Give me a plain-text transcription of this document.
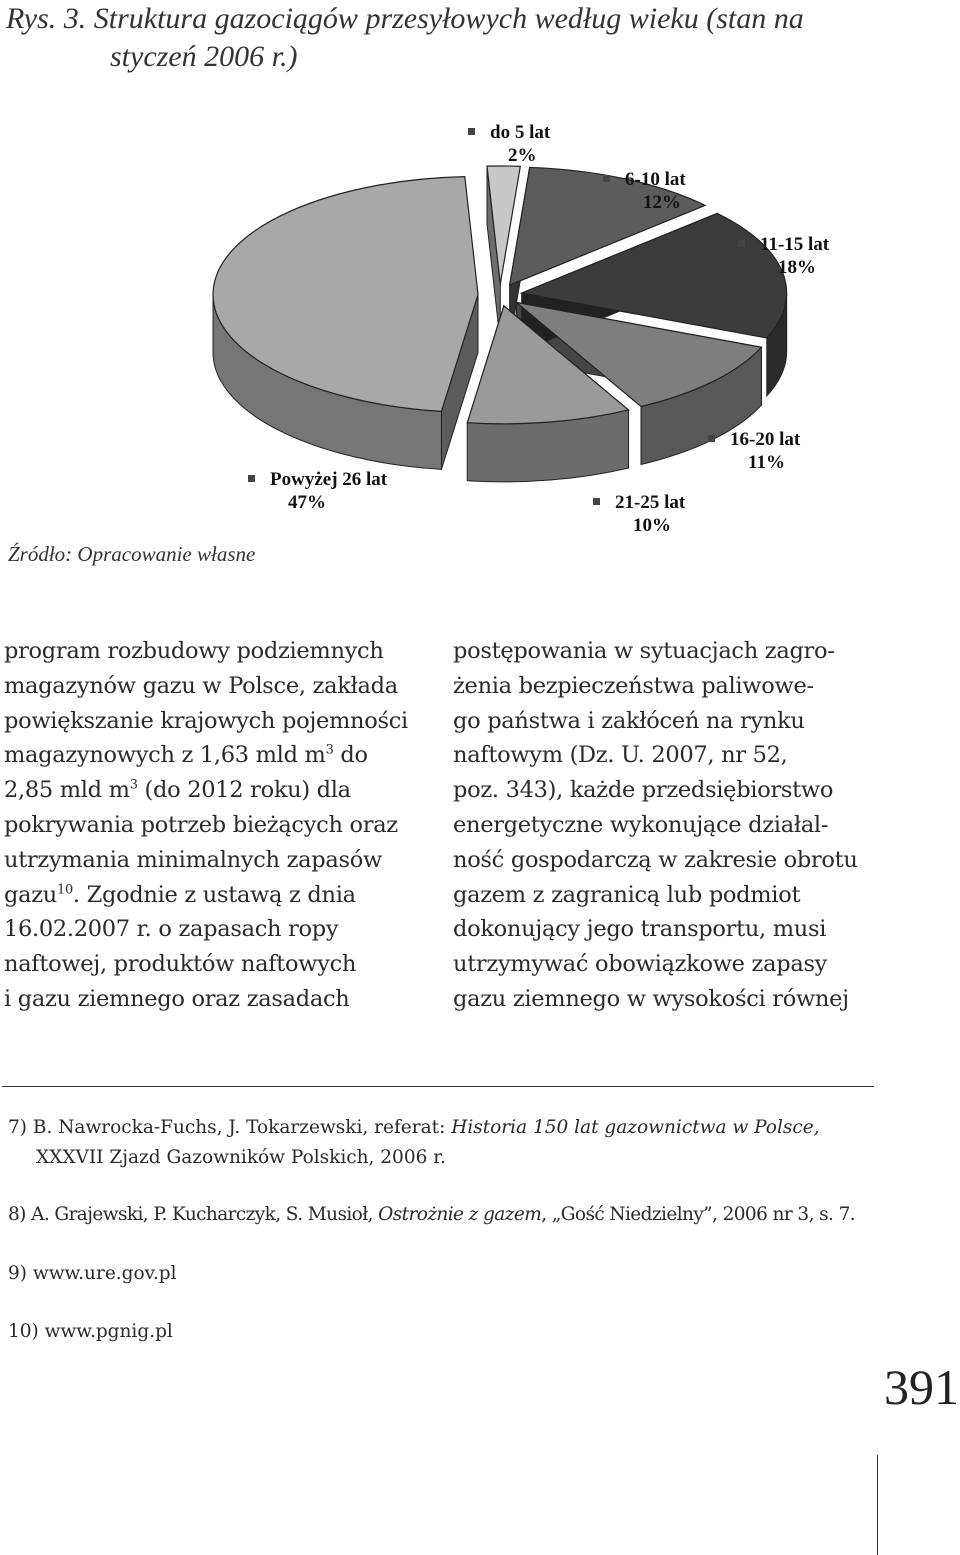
Rys. 3. Struktura gazociągów przesyłowych według wieku (stan na
styczeń 2006 r.)
do 5 lat
2%
6-10 lat
12%
11-15 lat
18%
16-20 lat
11%
21-25 lat
10%
Powyżej 26 lat
47%
Źródło: Opracowanie własne
program rozbudowy podziemnych
magazynów gazu w Polsce, zakłada
powiększanie krajowych pojemności
magazynowych z 1,63 mld $m^3$ do
2,85 mld $m^3$ (do 2012 roku) dla
pokrywania potrzeb bieżących oraz
utrzymania minimalnych zapasów
gazu$^{10}$. Zgodnie z ustawą z dnia
16.02.2007 r. o zapasach ropy
naftowej, produktów naftowych
i gazu ziemnego oraz zasadach
postępowania w sytuacjach zagro-
żenia bezpieczeństwa paliwowe-
go państwa i zakłóceń na rynku
naftowym (Dz. U. 2007, nr 52,
poz. 343), każde przedsiębiorstwo
energetyczne wykonujące działal-
ność gospodarczą w zakresie obrotu
gazem z zagranicą lub podmiot
dokonujący jego transportu, musi
utrzymywać obowiązkowe zapasy
gazu ziemnego w wysokości równej
7) B. Nawrocka-Fuchs, J. Tokarzewski, referat: Historia 150 lat gazownictwa w Polsce,
XXXVII Zjazd Gazowników Polskich, 2006 r.
8) A. Grajewski, P. Kucharczyk, S. Musioł, Ostrożnie z gazem, „Gość Niedzielny”, 2006 nr 3, s. 7.
9) www.ure.gov.pl
10) www.pgnig.pl
391
